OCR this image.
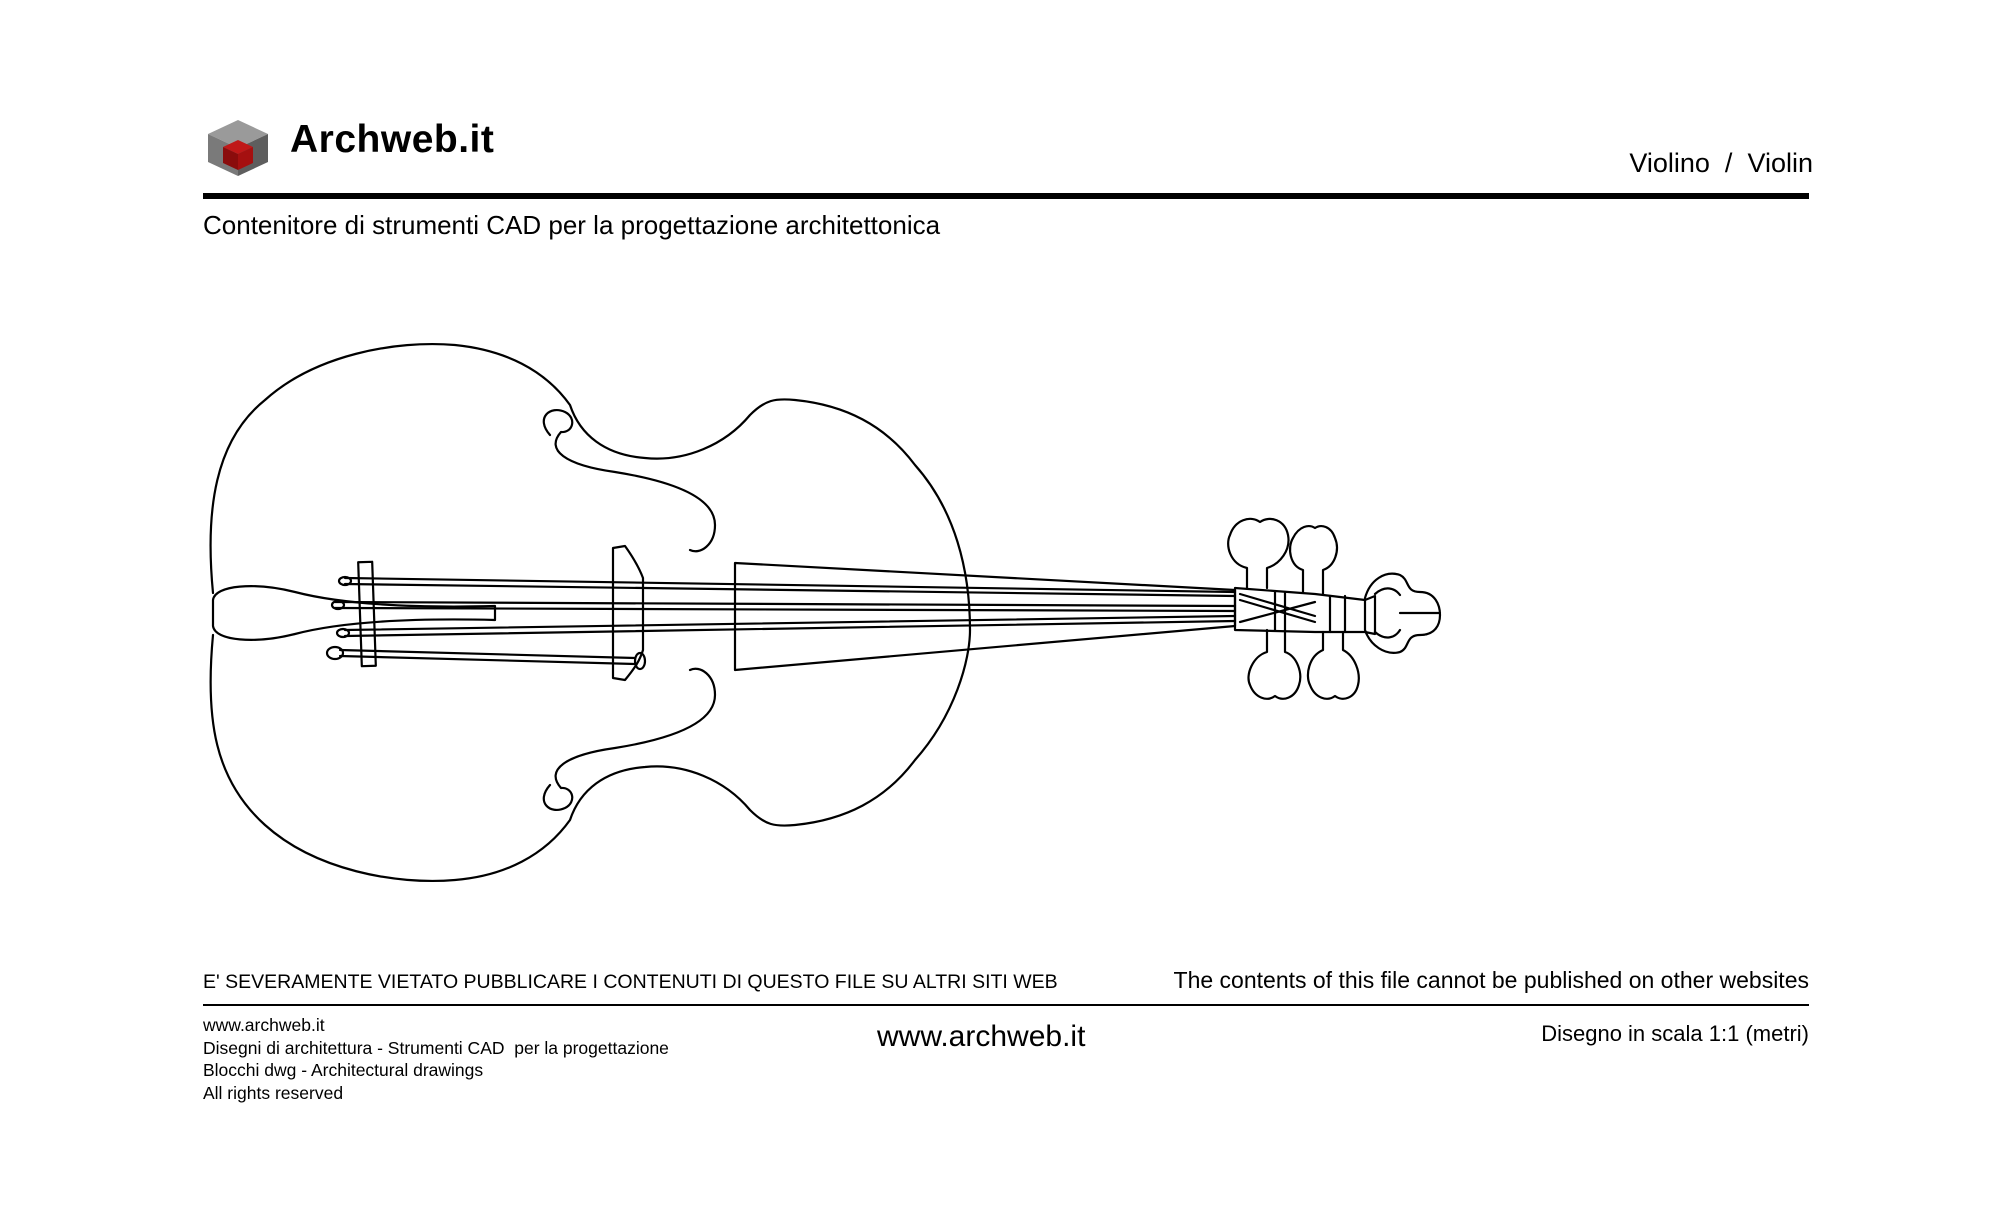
Archweb.it
Violino / Violin
Contenitore di strumenti CAD per la progettazione architettonica
E' SEVERAMENTE VIETATO PUBBLICARE I CONTENUTI DI QUESTO FILE SU ALTRI SITI WEB	The contents of this file cannot be published on other websites
www.archweb.it
Disegni di architettura - Strumenti CAD  per la progettazione
Blocchi dwg - Architectural drawings
All rights reserved
www.archweb.it	Disegno in scala 1:1 (metri)
